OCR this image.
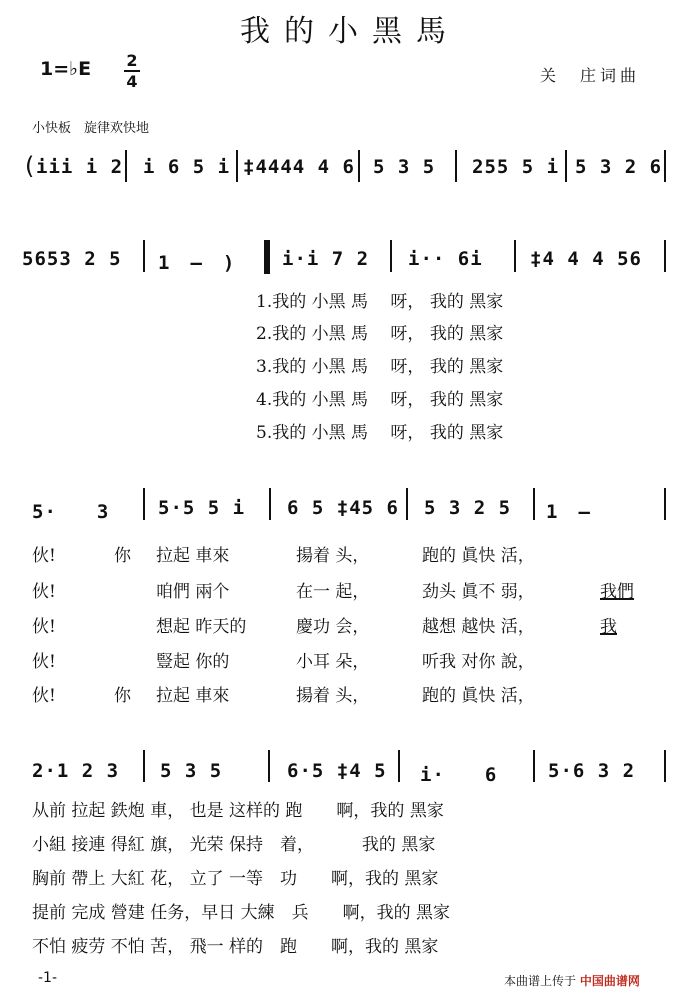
我的小黑馬
1=♭E 2
4	关　庄词曲
小快板　旋律欢快地
(
iii i 2 i 6 5 i ‡4444 4 6 5 3 5 255 5 i 5 3 2 6
5653 2 5 1　–　) i·i 7 2 i·· 6i ‡4 4 4 56
1.我的 小黑 馬　 呀， 我的 黑家
2.我的 小黑 馬　 呀， 我的 黑家
3.我的 小黑 馬　 呀， 我的 黑家
4.我的 小黑 馬　 呀， 我的 黑家
5.我的 小黑 馬　 呀， 我的 黑家
5·　　3	5·5 5 i 6 5 ‡45 6 5 3 2 5 1　–
伙!	你 拉起 車來	揚着 头，	跑的 眞快 活，
伙!	咱們 兩个	在一 起，	劲头 眞不 弱，	我們
伙!	想起 昨天的	慶功 会，	越想 越快 活，	我
伙!	豎起 你的	小耳 朵，	听我 对你 說，
伙!	你 拉起 車來	揚着 头，	跑的 眞快 活，
2·1 2 3 5 3 5	6·5 ‡4 5 i·　　6	5·6 3 2
从前 拉起 鉄炮 車， 也是 这样的 跑　　啊，我的 黑家
小組 接連 得紅 旗， 光荣 保持　着，　　　 我的 黑家
胸前 帶上 大紅 花， 立了 一等　功　　啊，我的 黑家
提前 完成 營建 任务，早日 大練　兵　　啊，我的 黑家
不怕 疲劳 不怕 苦， 飛一 样的　跑　　啊，我的 黑家
-1-	本曲谱上传于 中国曲谱网
